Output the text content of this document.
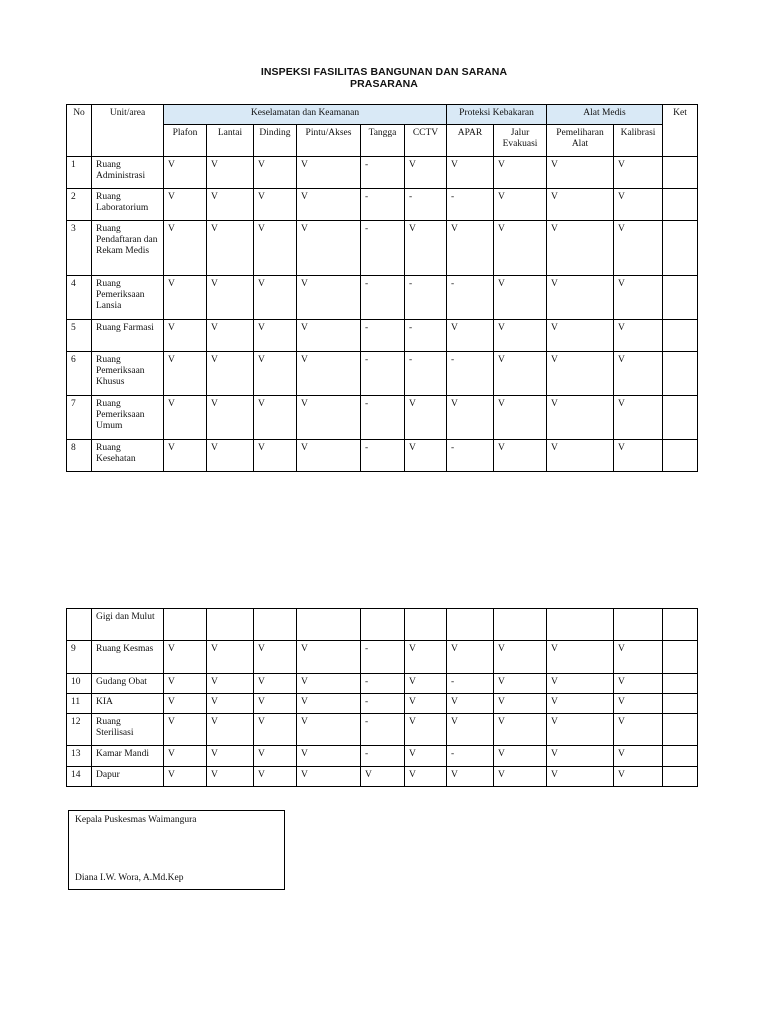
INSPEKSI FASILITAS BANGUNAN DAN SARANA
PRASARANA
No	Unit/area	Keselamatan dan Keamanan						Proteksi Kebakaran		Alat Medis		Ket
		Plafon	Lantai	Dinding	Pintu/Akses	Tangga	CCTV	APAR	Jalur Evakuasi	Pemeliharan Alat	Kalibrasi	
1	Ruang Administrasi	V	V	V	V	-	V	V	V	V	V	
2	Ruang Laboratorium	V	V	V	V	-	-	-	V	V	V	
3	Ruang Pendaftaran dan Rekam Medis	V	V	V	V	-	V	V	V	V	V	
4	Ruang Pemeriksaan Lansia	V	V	V	V	-	-	-	V	V	V	
5	Ruang Farmasi	V	V	V	V	-	-	V	V	V	V	
6	Ruang Pemeriksaan Khusus	V	V	V	V	-	-	-	V	V	V	
7	Ruang Pemeriksaan Umum	V	V	V	V	-	V	V	V	V	V	
8	Ruang Kesehatan	V	V	V	V	-	V	-	V	V	V	
	Gigi dan Mulut											
9	Ruang Kesmas	V	V	V	V	-	V	V	V	V	V	
10	Gudang Obat	V	V	V	V	-	V	-	V	V	V	
11	KIA	V	V	V	V	-	V	V	V	V	V	
12	Ruang Sterilisasi	V	V	V	V	-	V	V	V	V	V	
13	Kamar Mandi	V	V	V	V	-	V	-	V	V	V	
14	Dapur	V	V	V	V	V	V	V	V	V	V	
Kepala Puskesmas Waimangura
Diana I.W. Wora, A.Md.Kep
